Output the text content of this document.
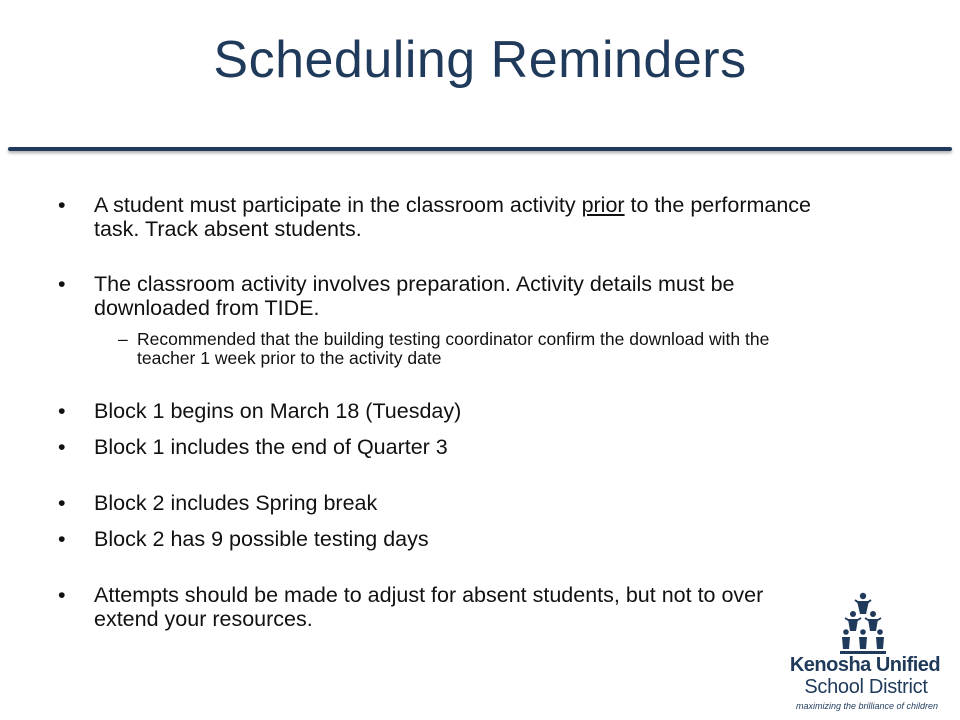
Scheduling Reminders
• A student must participate in the classroom activity prior to the performance task. Track absent students.
• The classroom activity involves preparation. Activity details must be downloaded from TIDE.
– Recommended that the building testing coordinator confirm the download with the teacher 1 week prior to the activity date
• Block 1 begins on March 18 (Tuesday)
• Block 1 includes the end of Quarter 3
• Block 2 includes Spring break
• Block 2 has 9 possible testing days
• Attempts should be made to adjust for absent students, but not to over extend your resources.
Kenosha Unified
School District
maximizing the brilliance of children
